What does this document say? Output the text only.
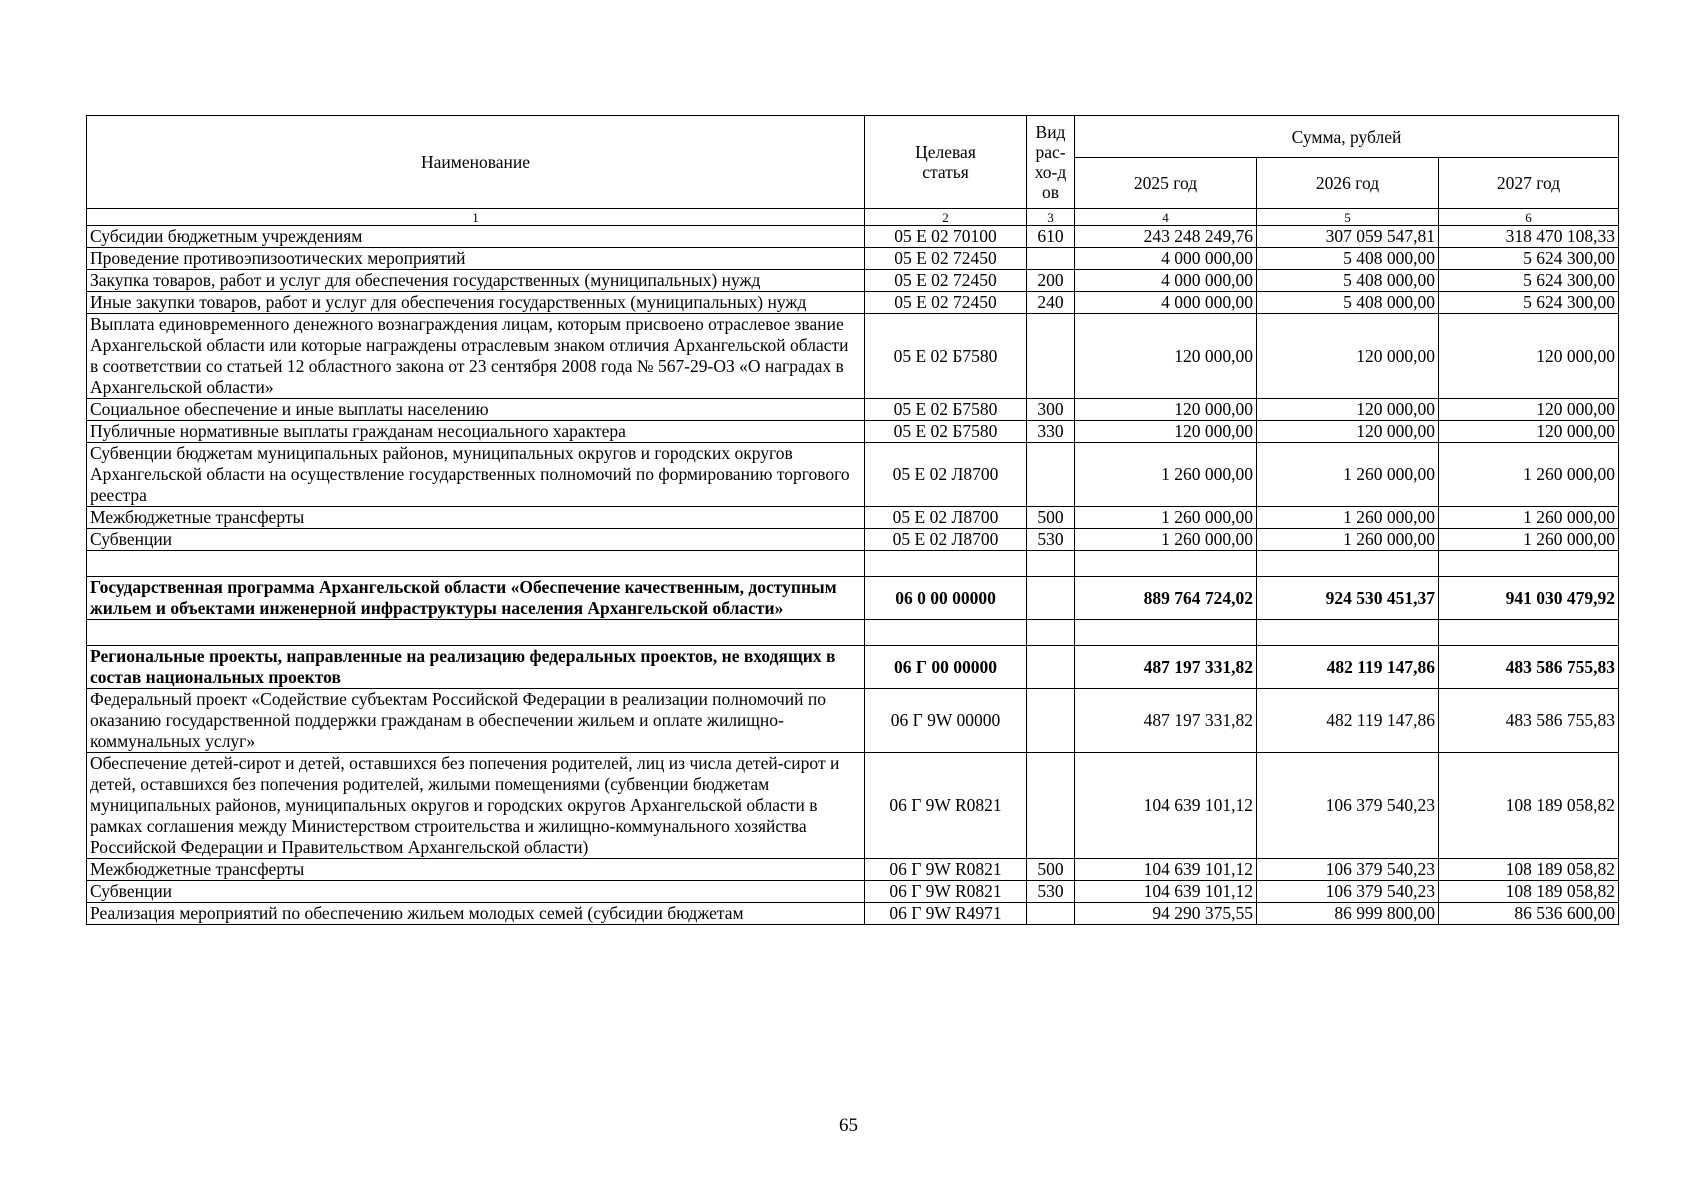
Наименование	Целевая статья	Вид рас-хо-дов	Сумма, рублей		
			2025 год	2026 год	2027 год
1	2	3	4	5	6
Субсидии бюджетным учреждениям	05 Е 02 70100	610	243 248 249,76	307 059 547,81	318 470 108,33
Проведение противоэпизоотических мероприятий	05 Е 02 72450		4 000 000,00	5 408 000,00	5 624 300,00
Закупка товаров, работ и услуг для обеспечения государственных (муниципальных) нужд	05 Е 02 72450	200	4 000 000,00	5 408 000,00	5 624 300,00
Иные закупки товаров, работ и услуг для обеспечения государственных (муниципальных) нужд	05 Е 02 72450	240	4 000 000,00	5 408 000,00	5 624 300,00
Выплата единовременного денежного вознаграждения лицам, которым присвоено отраслевое звание Архангельской области или которые награждены отраслевым знаком отличия Архангельской области в соответствии со статьей 12 областного закона от 23 сентября 2008 года № 567-29-ОЗ «О наградах в Архангельской области»	05 Е 02 Б7580		120 000,00	120 000,00	120 000,00
Социальное обеспечение и иные выплаты населению	05 Е 02 Б7580	300	120 000,00	120 000,00	120 000,00
Публичные нормативные выплаты гражданам несоциального характера	05 Е 02 Б7580	330	120 000,00	120 000,00	120 000,00
Субвенции бюджетам муниципальных районов, муниципальных округов и городских округов Архангельской области на осуществление государственных полномочий по формированию торгового реестра	05 Е 02 Л8700		1 260 000,00	1 260 000,00	1 260 000,00
Межбюджетные трансферты	05 Е 02 Л8700	500	1 260 000,00	1 260 000,00	1 260 000,00
Субвенции	05 Е 02 Л8700	530	1 260 000,00	1 260 000,00	1 260 000,00

Государственная программа Архангельской области «Обеспечение качественным, доступным жильем и объектами инженерной инфраструктуры населения Архангельской области»	06 0 00 00000		889 764 724,02	924 530 451,37	941 030 479,92

Региональные проекты, направленные на реализацию федеральных проектов, не входящих в состав национальных проектов	06 Г 00 00000		487 197 331,82	482 119 147,86	483 586 755,83
Федеральный проект «Содействие субъектам Российской Федерации в реализации полномочий по оказанию государственной поддержки гражданам в обеспечении жильем и оплате жилищно-коммунальных услуг»	06 Г 9W 00000		487 197 331,82	482 119 147,86	483 586 755,83
Обеспечение детей-сирот и детей, оставшихся без попечения родителей, лиц из числа детей-сирот и детей, оставшихся без попечения родителей, жилыми помещениями (субвенции бюджетам муниципальных районов, муниципальных округов и городских округов Архангельской области в рамках соглашения между Министерством строительства и жилищно-коммунального хозяйства Российской Федерации и Правительством Архангельской области)	06 Г 9W R0821		104 639 101,12	106 379 540,23	108 189 058,82
Межбюджетные трансферты	06 Г 9W R0821	500	104 639 101,12	106 379 540,23	108 189 058,82
Субвенции	06 Г 9W R0821	530	104 639 101,12	106 379 540,23	108 189 058,82
Реализация мероприятий по обеспечению жильем молодых семей (субсидии бюджетам	06 Г 9W R4971		94 290 375,55	86 999 800,00	86 536 600,00
65
